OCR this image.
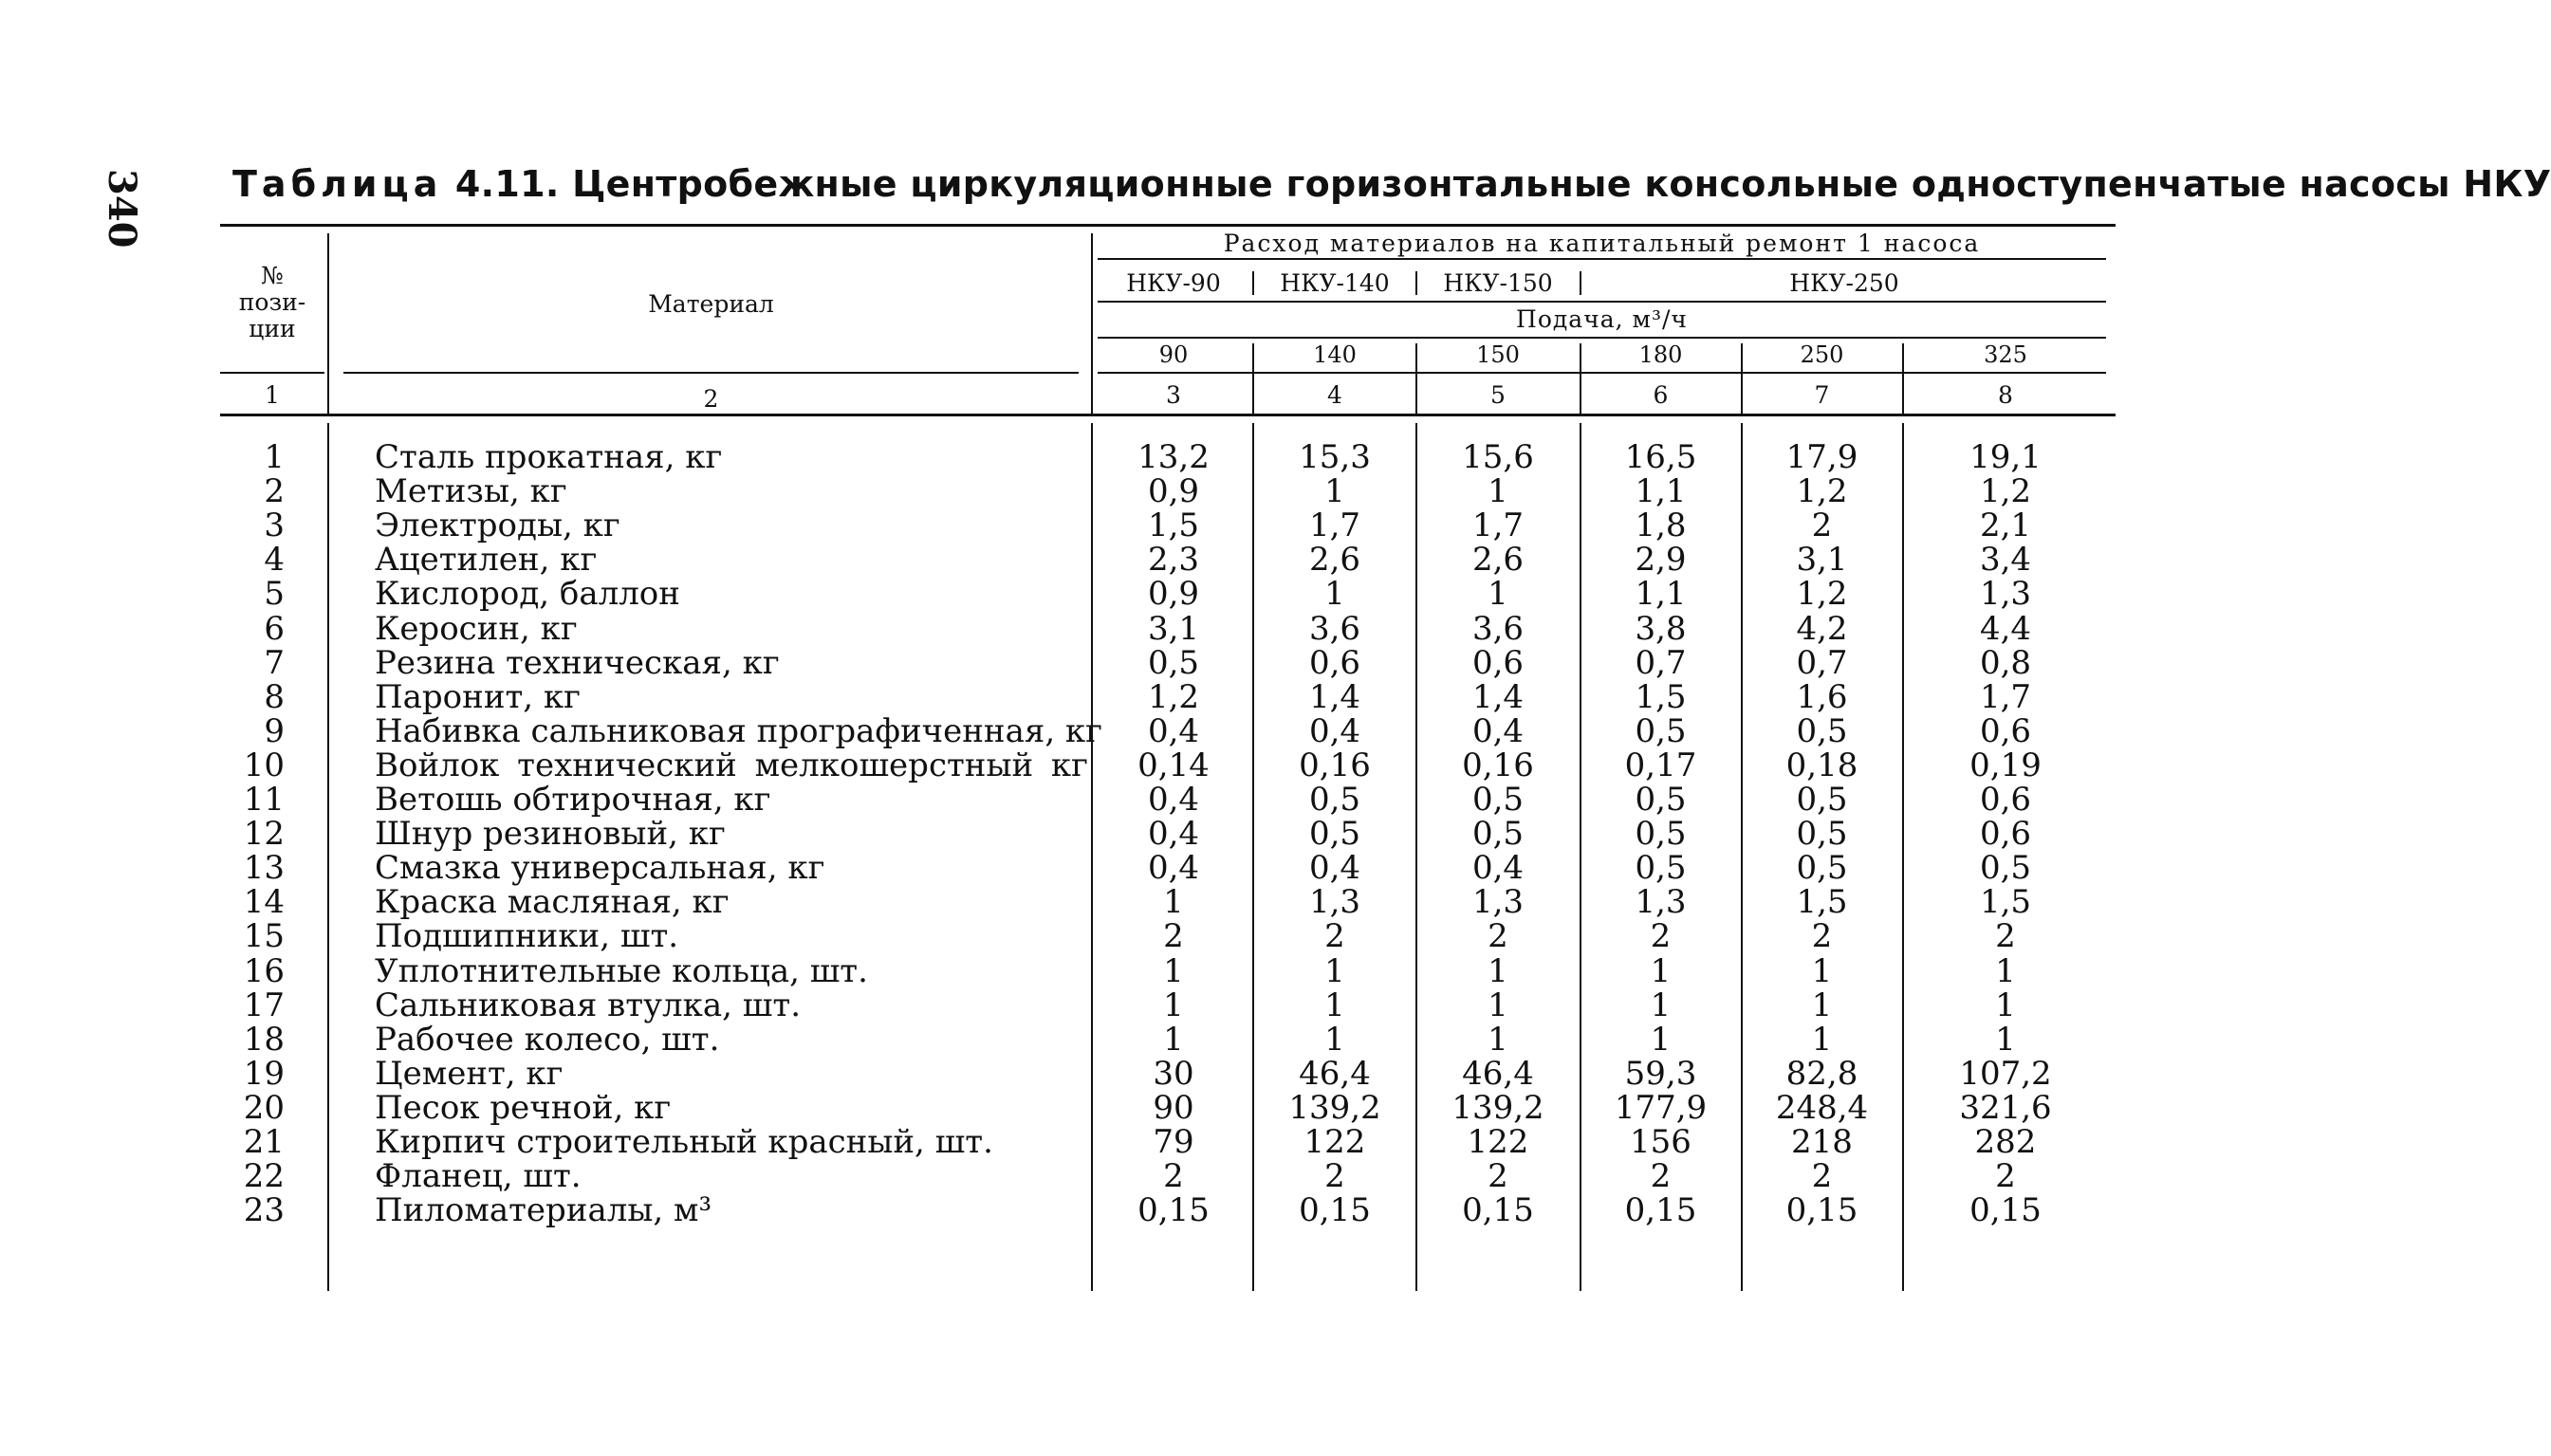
340 Таблица 4.11. Центробежные циркуляционные горизонтальные консольные одноступенчатые насосы НКУ
№
пози-
ции
Материал
Расход материалов на капитальный ремонт 1 насоса
НКУ-90	НКУ-140	НКУ-150	НКУ-250
Подача, м³/ч
90	140	150	180	250	325
1	2	3	4	5	6	7	8
1	Сталь прокатная, кг	13,2	15,3	15,6	16,5	17,9	19,1
2	Метизы, кг	0,9	1	1	1,1	1,2	1,2
3	Электроды, кг	1,5	1,7	1,7	1,8	2	2,1
4	Ацетилен, кг	2,3	2,6	2,6	2,9	3,1	3,4
5	Кислород, баллон	0,9	1	1	1,1	1,2	1,3
6	Керосин, кг	3,1	3,6	3,6	3,8	4,2	4,4
7	Резина техническая, кг	0,5	0,6	0,6	0,7	0,7	0,8
8	Паронит, кг	1,2	1,4	1,4	1,5	1,6	1,7
9	Набивка сальниковая прографиченная, кг	0,4	0,4	0,4	0,5	0,5	0,6
10	Войлок технический мелкошерстный кг	0,14	0,16	0,16	0,17	0,18	0,19
11	Ветошь обтирочная, кг	0,4	0,5	0,5	0,5	0,5	0,6
12	Шнур резиновый, кг	0,4	0,5	0,5	0,5	0,5	0,6
13	Смазка универсальная, кг	0,4	0,4	0,4	0,5	0,5	0,5
14	Краска масляная, кг	1	1,3	1,3	1,3	1,5	1,5
15	Подшипники, шт.	2	2	2	2	2	2
16	Уплотнительные кольца, шт.	1	1	1	1	1	1
17	Сальниковая втулка, шт.	1	1	1	1	1	1
18	Рабочее колесо, шт.	1	1	1	1	1	1
19	Цемент, кг	30	46,4	46,4	59,3	82,8	107,2
20	Песок речной, кг	90	139,2	139,2	177,9	248,4	321,6
21	Кирпич строительный красный, шт.	79	122	122	156	218	282
22	Фланец, шт.	2	2	2	2	2	2
23	Пиломатериалы, м³	0,15	0,15	0,15	0,15	0,15	0,15
